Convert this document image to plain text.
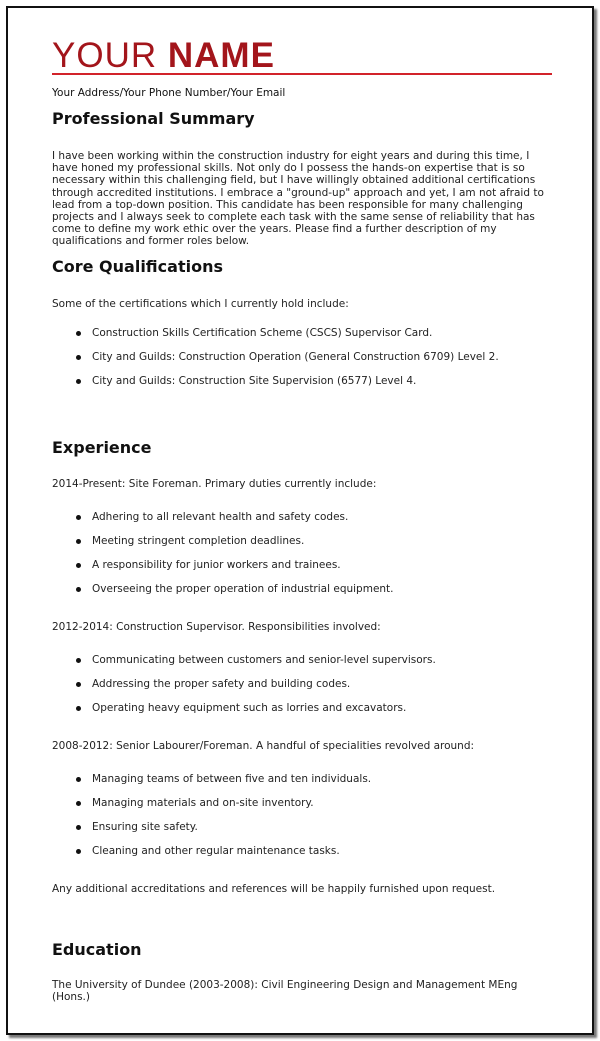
YOUR NAME
Your Address/Your Phone Number/Your Email
Professional Summary

I have been working within the construction industry for eight years and during this time, I have honed my professional skills. Not only do I possess the hands-on expertise that is so necessary within this challenging field, but I have willingly obtained additional certifications through accredited institutions. I embrace a "ground-up" approach and yet, I am not afraid to lead from a top-down position. This candidate has been responsible for many challenging projects and I always seek to complete each task with the same sense of reliability that has come to define my work ethic over the years. Please find a further description of my qualifications and former roles below.

Core Qualifications
Some of the certifications which I currently hold include:
Construction Skills Certification Scheme (CSCS) Supervisor Card.
City and Guilds: Construction Operation (General Construction 6709) Level 2.
City and Guilds: Construction Site Supervision (6577) Level 4.
Experience
2014-Present: Site Foreman. Primary duties currently include:
Adhering to all relevant health and safety codes.
Meeting stringent completion deadlines.
A responsibility for junior workers and trainees.
Overseeing the proper operation of industrial equipment.
2012-2014: Construction Supervisor. Responsibilities involved:
Communicating between customers and senior-level supervisors.
Addressing the proper safety and building codes.
Operating heavy equipment such as lorries and excavators.
2008-2012: Senior Labourer/Foreman. A handful of specialities revolved around:
Managing teams of between five and ten individuals.
Managing materials and on-site inventory.
Ensuring site safety.
Cleaning and other regular maintenance tasks.
Any additional accreditations and references will be happily furnished upon request.
Education

The University of Dundee (2003-2008): Civil Engineering Design and Management MEng (Hons.)
